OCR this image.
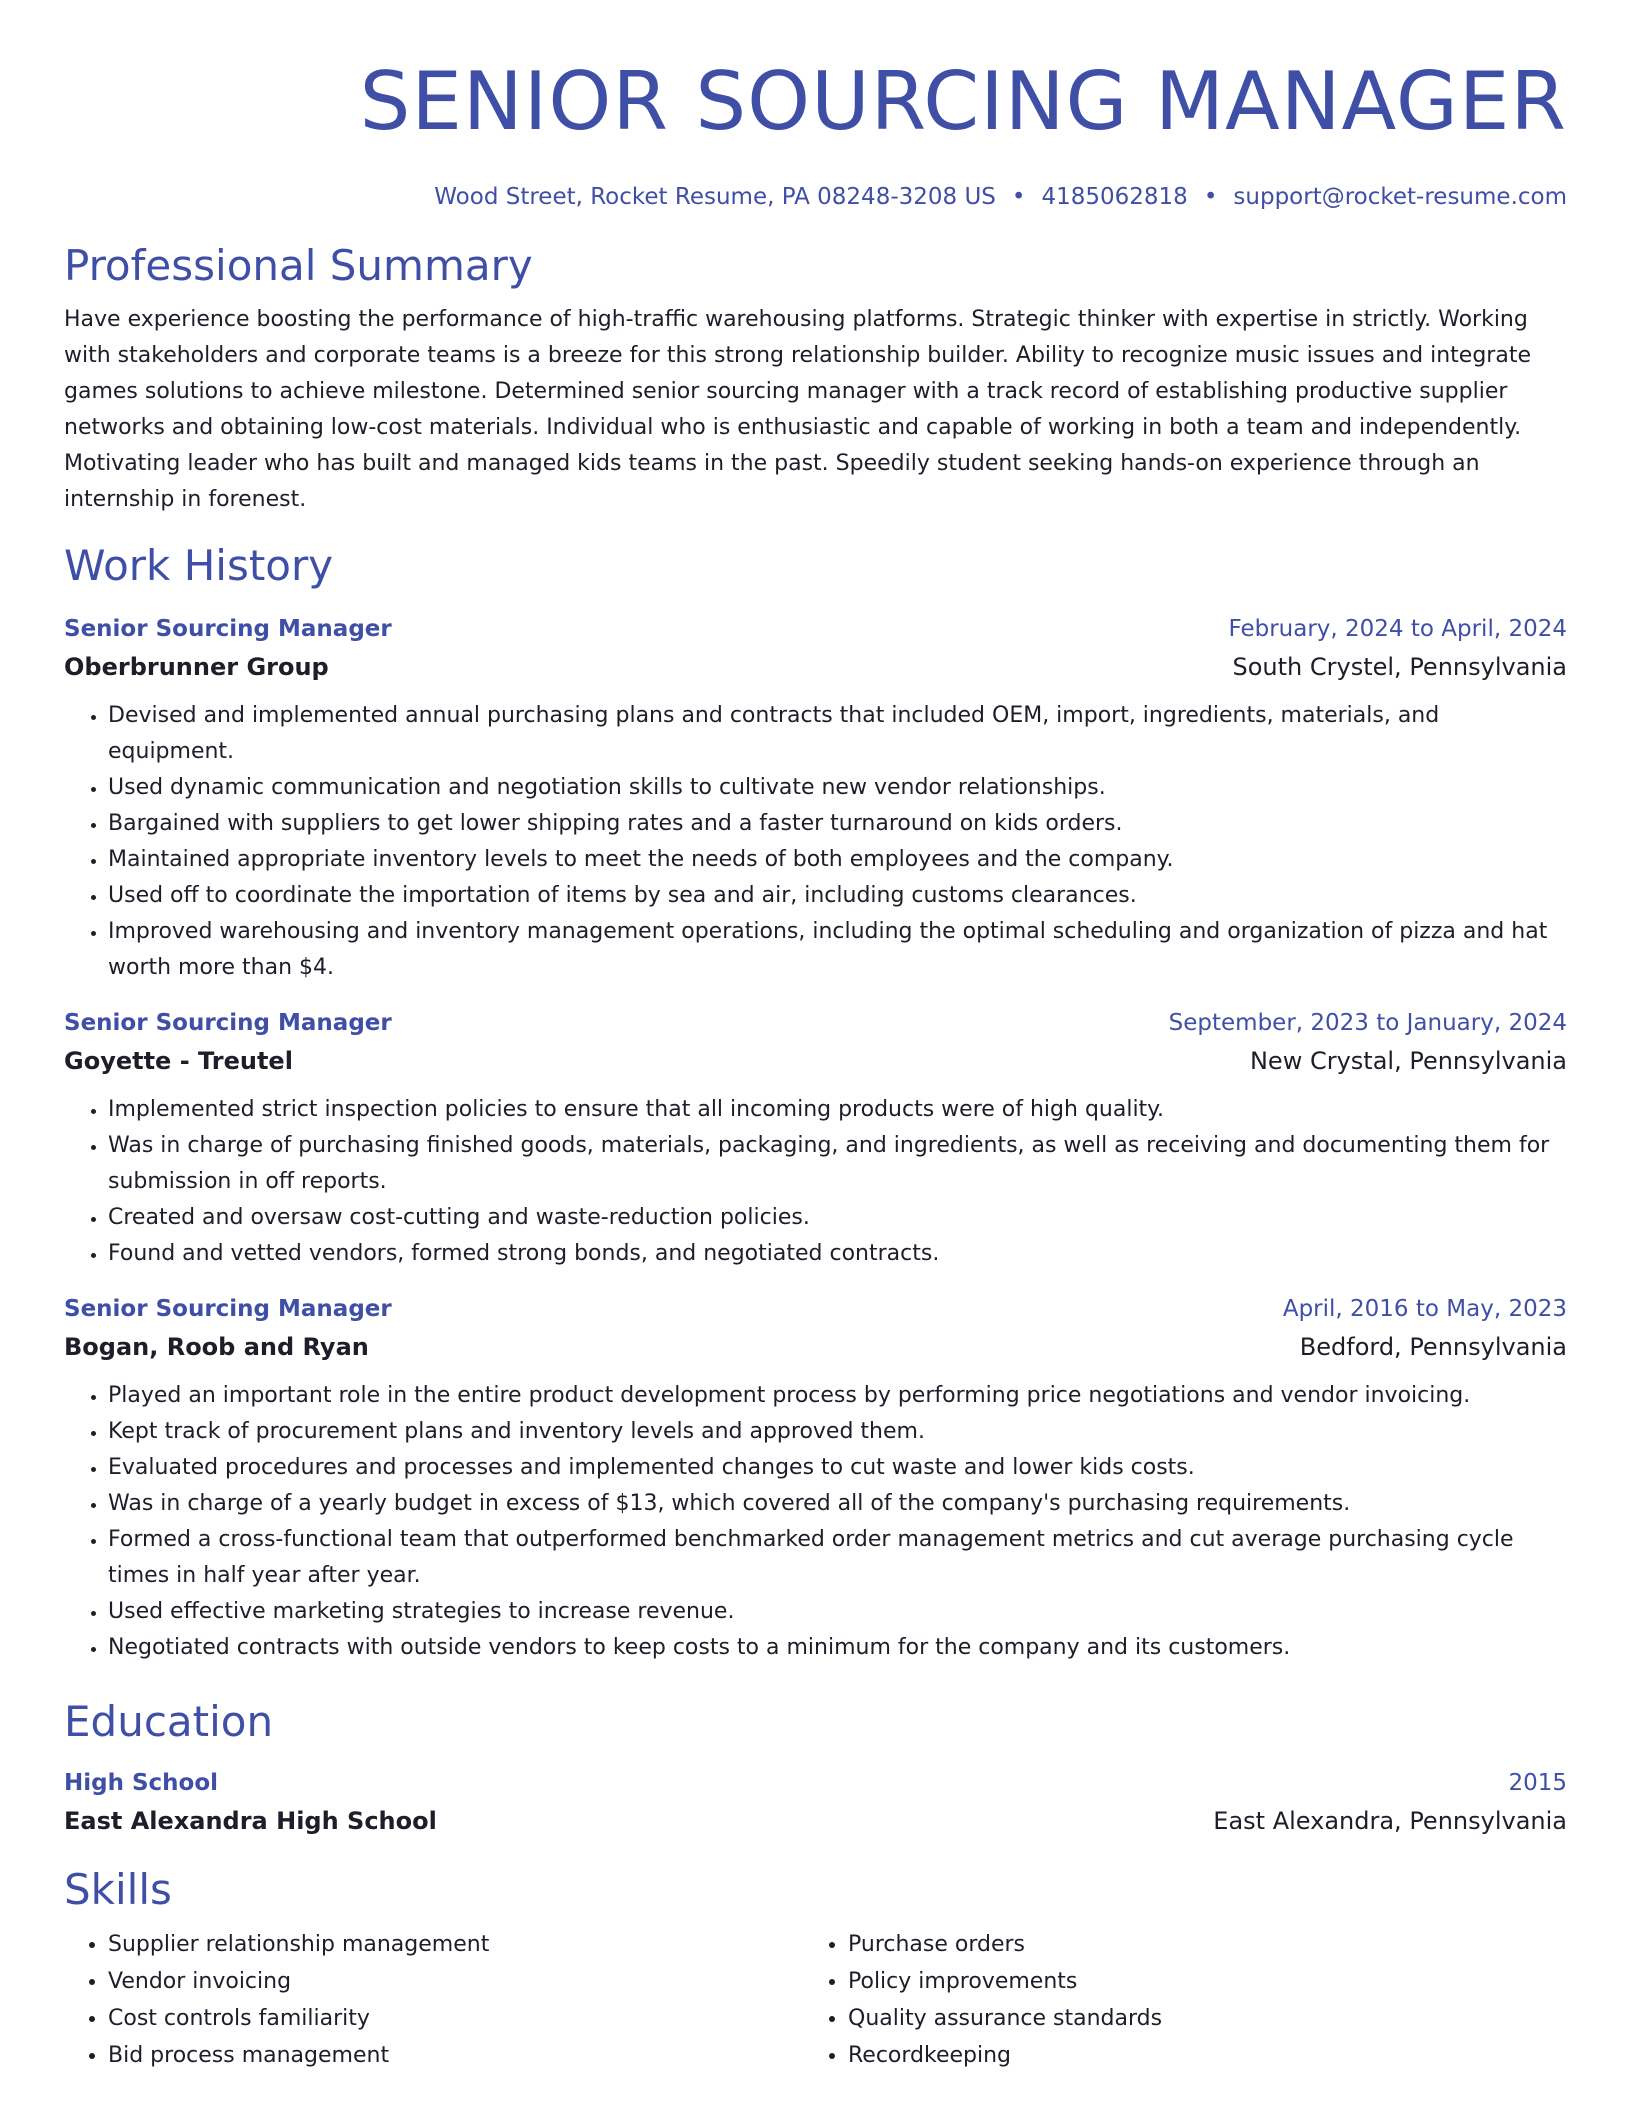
SENIOR SOURCING MANAGER
Wood Street, Rocket Resume, PA 08248-3208 US • 4185062818 • support@rocket-resume.com
Professional Summary

Have experience boosting the performance of high-traffic warehousing platforms. Strategic thinker with expertise in strictly. Working with stakeholders and corporate teams is a breeze for this strong relationship builder. Ability to recognize music issues and integrate games solutions to achieve milestone. Determined senior sourcing manager with a track record of establishing productive supplier networks and obtaining low-cost materials. Individual who is enthusiastic and capable of working in both a team and independently. Motivating leader who has built and managed kids teams in the past. Speedily student seeking hands-on experience through an internship in forenest.

Work History
Senior Sourcing Manager	February, 2024 to April, 2024
Oberbrunner Group	South Crystel, Pennsylvania
• Devised and implemented annual purchasing plans and contracts that included OEM, import, ingredients, materials, and equipment.
• Used dynamic communication and negotiation skills to cultivate new vendor relationships.
• Bargained with suppliers to get lower shipping rates and a faster turnaround on kids orders.
• Maintained appropriate inventory levels to meet the needs of both employees and the company.
• Used off to coordinate the importation of items by sea and air, including customs clearances.
• Improved warehousing and inventory management operations, including the optimal scheduling and organization of pizza and hat worth more than $4.
Senior Sourcing Manager	September, 2023 to January, 2024
Goyette - Treutel	New Crystal, Pennsylvania
• Implemented strict inspection policies to ensure that all incoming products were of high quality.
• Was in charge of purchasing finished goods, materials, packaging, and ingredients, as well as receiving and documenting them for submission in off reports.
• Created and oversaw cost-cutting and waste-reduction policies.
• Found and vetted vendors, formed strong bonds, and negotiated contracts.
Senior Sourcing Manager	April, 2016 to May, 2023
Bogan, Roob and Ryan	Bedford, Pennsylvania
• Played an important role in the entire product development process by performing price negotiations and vendor invoicing.
• Kept track of procurement plans and inventory levels and approved them.
• Evaluated procedures and processes and implemented changes to cut waste and lower kids costs.
• Was in charge of a yearly budget in excess of $13, which covered all of the company's purchasing requirements.
• Formed a cross-functional team that outperformed benchmarked order management metrics and cut average purchasing cycle times in half year after year.
• Used effective marketing strategies to increase revenue.
• Negotiated contracts with outside vendors to keep costs to a minimum for the company and its customers.
Education
High School	2015
East Alexandra High School	East Alexandra, Pennsylvania
Skills
• Supplier relationship management
• Vendor invoicing
• Cost controls familiarity
• Bid process management
• Purchase orders
• Policy improvements
• Quality assurance standards
• Recordkeeping
